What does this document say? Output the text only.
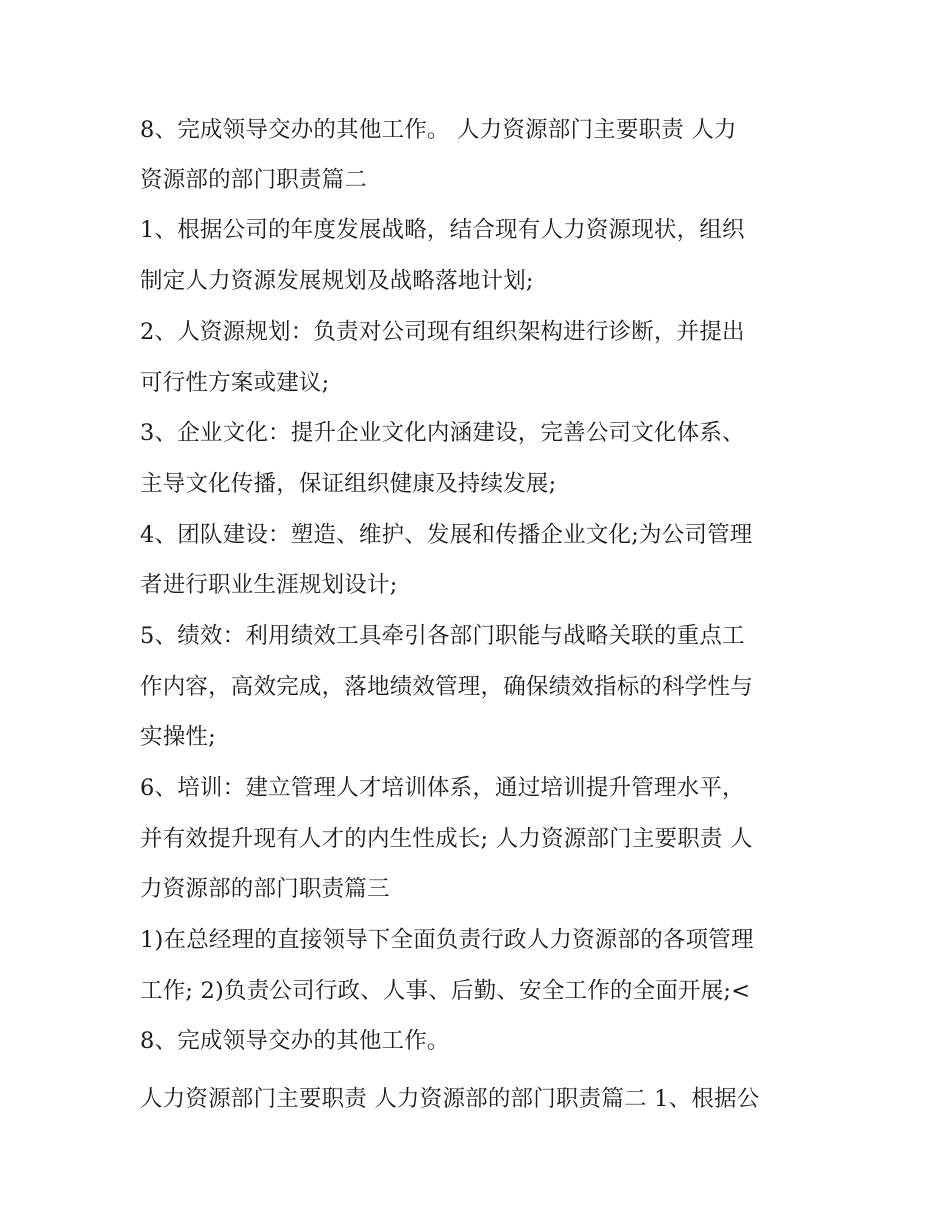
8、完成领导交办的其他工作。 人力资源部门主要职责 人力
资源部的部门职责篇二
1、根据公司的年度发展战略，结合现有人力资源现状，组织
制定人力资源发展规划及战略落地计划;
2、人资源规划：负责对公司现有组织架构进行诊断，并提出
可行性方案或建议;
3、企业文化：提升企业文化内涵建设，完善公司文化体系、
主导文化传播，保证组织健康及持续发展;
4、团队建设：塑造、维护、发展和传播企业文化;为公司管理
者进行职业生涯规划设计;
5、绩效：利用绩效工具牵引各部门职能与战略关联的重点工
作内容，高效完成，落地绩效管理，确保绩效指标的科学性与
实操性;
6、培训：建立管理人才培训体系，通过培训提升管理水平，
并有效提升现有人才的内生性成长; 人力资源部门主要职责 人
力资源部的部门职责篇三
1)在总经理的直接领导下全面负责行政人力资源部的各项管理
工作; 2)负责公司行政、人事、后勤、安全工作的全面开展;<
8、完成领导交办的其他工作。
人力资源部门主要职责 人力资源部的部门职责篇二 1、根据公
